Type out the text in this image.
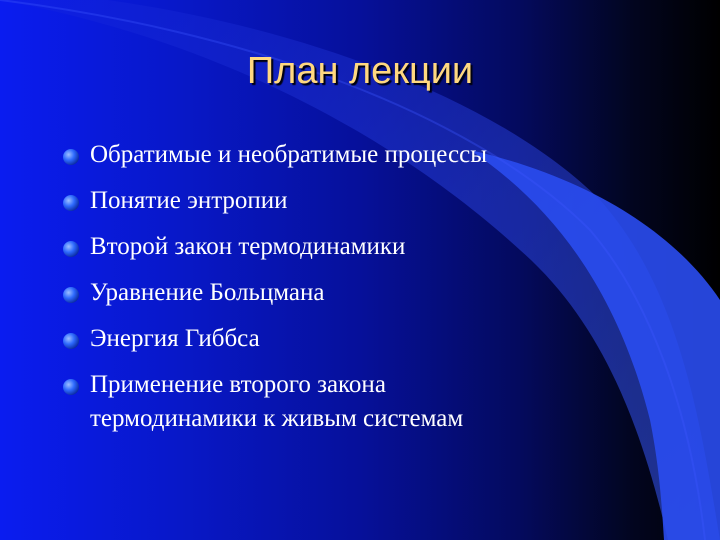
План лекции
Обратимые и необратимые процессы
Понятие энтропии
Второй закон термодинамики
Уравнение Больцмана
Энергия Гиббса
Применение второго закона термодинамики к живым системам
